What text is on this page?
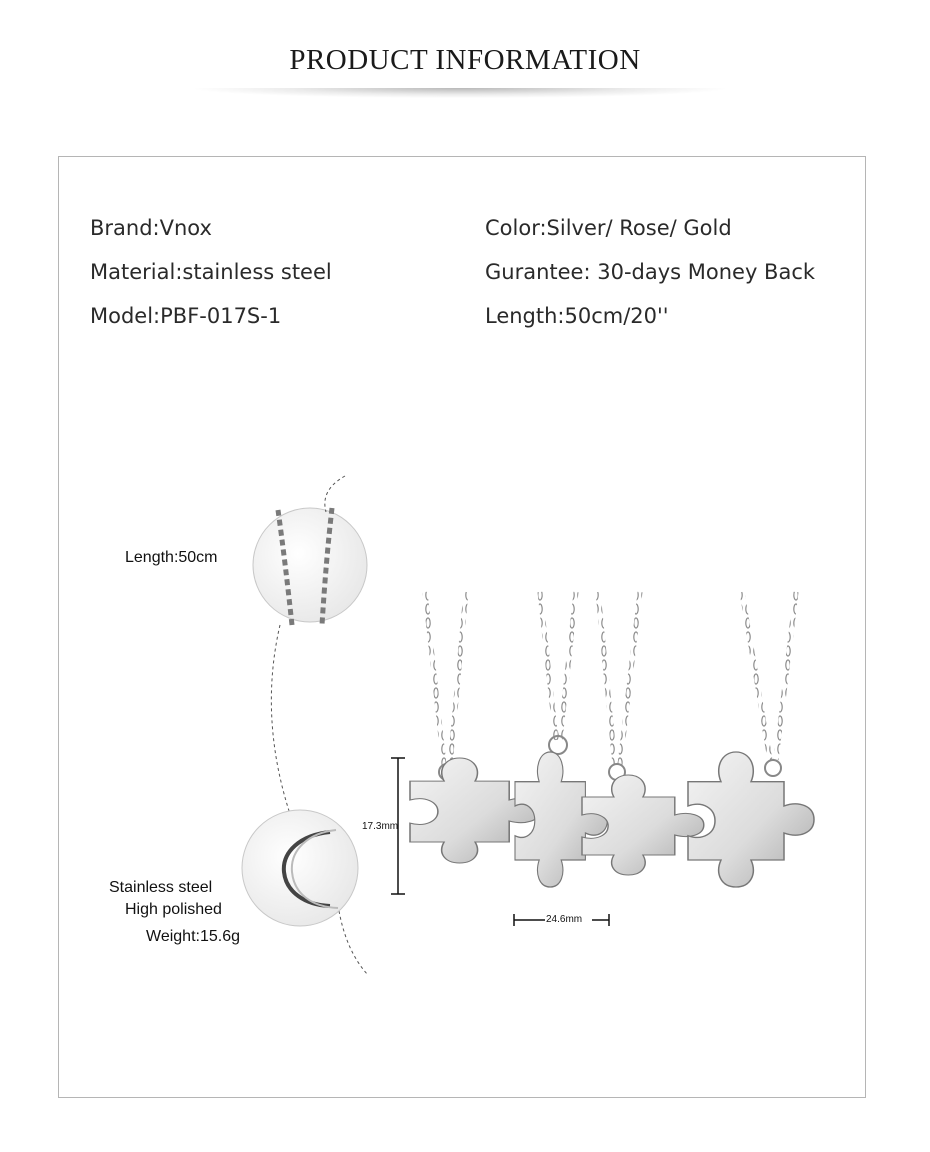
PRODUCT INFORMATION
Brand:Vnox
Material:stainless steel
Model:PBF-017S-1
Color:Silver/ Rose/ Gold
Gurantee: 30-days Money Back
Length:50cm/20''
Length:50cm
Stainless steel
High polished
Weight:15.6g
17.3mm
24.6mm
